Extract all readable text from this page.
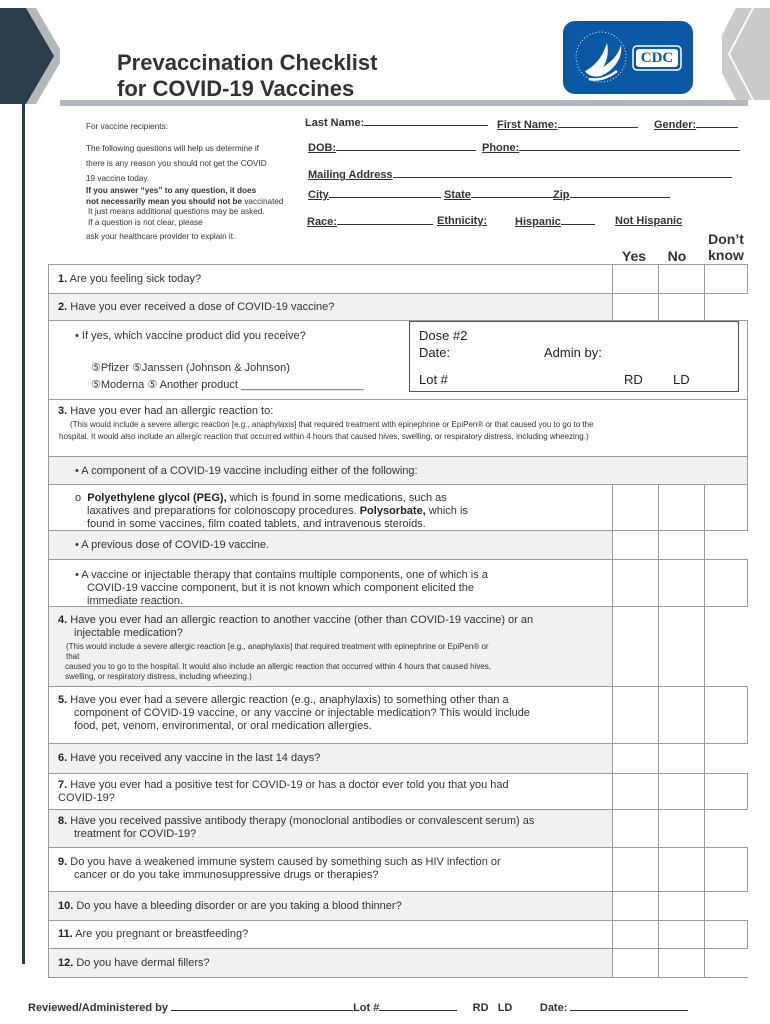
Prevaccination Checklist
for COVID-19 Vaccines
CDC
For vaccine recipients:
The following questions will help us determine if
there is any reason you should not get the COVID
19 vaccine today.
If you answer “yes” to any question, it does
not necessarily mean you should not be vaccinated
It just means additional questions may be asked.
If a question is not clear, please
ask your healthcare provider to explain it.
Last Name:	First Name:	Gender:
DOB:	Phone:
Mailing Address
City	State	Zip
Race:	Ethnicity:	Hispanic	Not Hispanic
Yes	No
Don’t
know
1. Are you feeling sick today?
2. Have you ever received a dose of COVID-19 vaccine?
• If yes, which vaccine product did you receive?
⑤Pfizer ⑤Janssen (Johnson & Johnson)
⑤Moderna ⑤ Another product ____________________
Dose #2
Date:	Admin by:
Lot #	RD LD
3. Have you ever had an allergic reaction to:
(This would include a severe allergic reaction [e.g., anaphylaxis] that required treatment with epinephrine or EpiPen® or that caused you to go to the
hospital. It would also include an allergic reaction that occurred within 4 hours that caused hives, swelling, or respiratory distress, including wheezing.)
• A component of a COVID-19 vaccine including either of the following:
o Polyethylene glycol (PEG), which is found in some medications, such as
laxatives and preparations for colonoscopy procedures. Polysorbate, which is
found in some vaccines, film coated tablets, and intravenous steroids.
• A previous dose of COVID-19 vaccine.
• A vaccine or injectable therapy that contains multiple components, one of which is a
COVID-19 vaccine component, but it is not known which component elicited the
immediate reaction.
4. Have you ever had an allergic reaction to another vaccine (other than COVID-19 vaccine) or an
injectable medication?
(This would include a severe allergic reaction [e.g., anaphylaxis] that required treatment with epinephrine or EpiPen® or
that
caused you to go to the hospital. It would also include an allergic reaction that occurred within 4 hours that caused hives,
swelling, or respiratory distress, including wheezing.)
5. Have you ever had a severe allergic reaction (e.g., anaphylaxis) to something other than a
component of COVID-19 vaccine, or any vaccine or injectable medication? This would include
food, pet, venom, environmental, or oral medication allergies.
6. Have you received any vaccine in the last 14 days?
7. Have you ever had a positive test for COVID-19 or has a doctor ever told you that you had
COVID-19?
8. Have you received passive antibody therapy (monoclonal antibodies or convalescent serum) as
treatment for COVID-19?
9. Do you have a weakened immune system caused by something such as HIV infection or
cancer or do you take immunosuppressive drugs or therapies?
10. Do you have a bleeding disorder or are you taking a blood thinner?
11. Are you pregnant or breastfeeding?
12. Do you have dermal fillers?
Reviewed/Administered by	Lot #	RD LD	Date:
